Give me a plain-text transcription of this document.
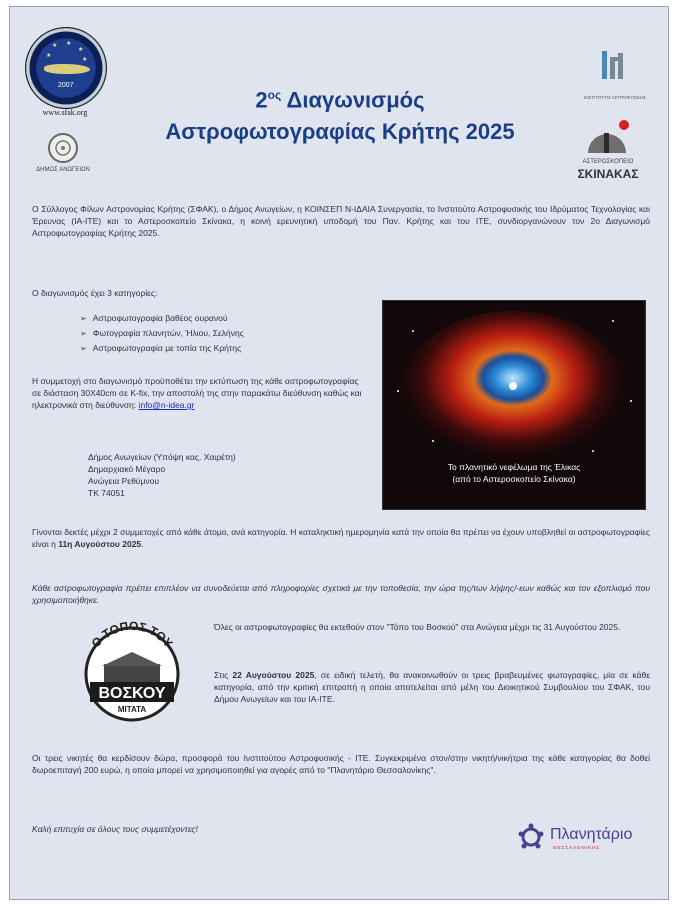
★ ★
★
★
★
2007
www.sfak.org
ΔΗΜΟΣ ΑΝΩΓΕΙΩΝ
$2^{o\varsigma}$ Διαγωνισμός
Αστροφωτογραφίας Κρήτης 2025
ΙΝΣΤΙΤΟΥΤΟ ΑΣΤΡΟΦΥΣΙΚΗΣ
ΑΣΤΕΡΟΣΚΟΠΕΙΟ
ΣΚΙΝΑΚΑΣ
Ο Σύλλογος Φίλων Αστρονομίας Κρήτης (ΣΦΑΚ), ο Δήμος Ανωγείων, η ΚΟΙΝΣΕΠ Ν-ΙΔΑΙΑ Συνεργασία, το Ινστιτούτο Αστροφυσικής του Ιδρύματος Τεχνολογίας και Έρευνας (ΙΑ-ΙΤΕ) και το Αστεροσκοπείο Σκίνακα, η κοινή ερευνητική υποδομή του Παν. Κρήτης και του ΙΤΕ, συνδιοργανώνουν τον 2ο Διαγωνισμό Αστροφωτογραφίας Κρήτης 2025.
Ο διαγωνισμός έχει 3 κατηγορίες:
➢ Αστροφωτογραφία βαθέος ουρανού
➢ Φωτογραφία πλανητών, Ήλιου, Σελήνης
➢ Αστροφωτογραφία με τοπία της Κρήτης
Η συμμετοχή στο διαγωνισμό προϋποθέτει την εκτύπωση της κάθε αστροφωτογραφίας σε διάσταση 30Χ40cm σε Κ-fix, την αποστολή της στην παρακάτω διεύθυνση καθώς και ηλεκτρονικά στη διεύθυνση: info@n-idea.gr
Δήμος Ανωγείων (Υπόψη κας. Χαιρέτη)
Δημαρχιακό Μέγαρο
Ανώγεια Ρεθύμνου
ΤΚ 74051
Το πλανητικό νεφέλωμα της Έλικας
(από το Αστεροσκοπείο Σκίνακα)
Γίνονται δεκτές μέχρι 2 συμμετοχές από κάθε άτομο, ανά κατηγορία. Η καταληκτική ημερομηνία κατά την οποία θα πρέπει να έχουν υποβληθεί οι αστροφωτογραφίες είναι η 11η Αυγούστου 2025.
Κάθε αστροφωτογραφία πρέπει επιπλέον να συνοδεύεται από πληροφορίες σχετικά με την τοποθεσία, την ώρα της/των λήψης/-εων καθώς και τον εξοπλισμό που χρησιμοποιήθηκε.
Ο ΤΟΠΟΣ ΤΟΥ
ΒΟΣΚΟΥ
ΜΙΤΑΤΑ
Όλες οι αστροφωτογραφίες θα εκτεθούν στον "Τόπο του Βοσκού" στα Ανώγεια μέχρι τις 31 Αυγούστου 2025.
Στις 22 Αυγούστου 2025, σε ειδική τελετή, θα ανακοινωθούν οι τρεις βραβευμένες φωτογραφίες, μία σε κάθε κατηγορία, από την κριτική επιτροπή η οποία αποτελείται από μέλη του Διοικητικού Συμβουλίου του ΣΦΑΚ, του Δήμου Ανωγείων και του ΙΑ-ΙΤΕ.
Οι τρεις νικητές θα κερδίσουν δώρα, προσφορά του Ινστιτούτου Αστροφυσικής - ΙΤΕ. Συγκεκριμένα στον/στην νικητή/νικήτρια της κάθε κατηγορίας θα δοθεί δωροεπιταγή 200 ευρώ, η οποία μπορεί να χρησιμοποιηθεί για αγορές από το "Πλανητάριο Θεσσαλονίκης".
Καλή επιτυχία σε όλους τους συμμετέχοντες!	Πλανητάριο
ΘΕΣΣΑΛΟΝΙΚΗΣ
